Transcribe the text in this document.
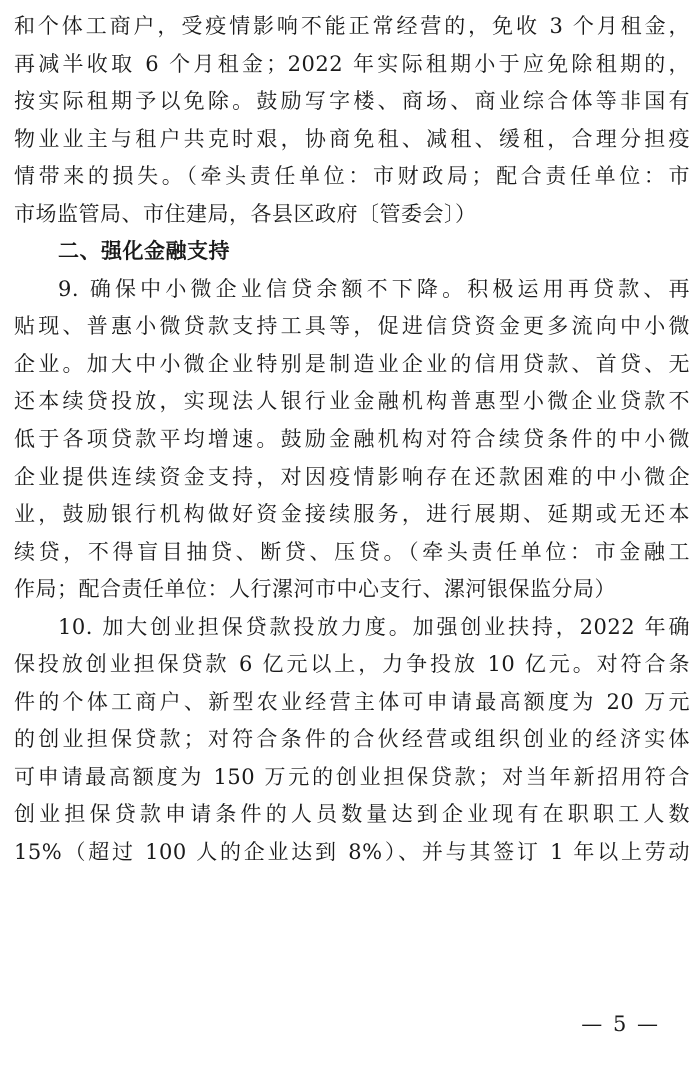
和个体工商户，受疫情影响不能正常经营的，免收 3 个月租金，
再减半收取 6 个月租金；2022 年实际租期小于应免除租期的，
按实际租期予以免除。鼓励写字楼、商场、商业综合体等非国有
物业业主与租户共克时艰，协商免租、减租、缓租，合理分担疫
情带来的损失。（牵头责任单位：市财政局；配合责任单位：市
市场监管局、市住建局，各县区政府〔管委会〕）
二、强化金融支持
9. 确保中小微企业信贷余额不下降。积极运用再贷款、再
贴现、普惠小微贷款支持工具等，促进信贷资金更多流向中小微
企业。加大中小微企业特别是制造业企业的信用贷款、首贷、无
还本续贷投放，实现法人银行业金融机构普惠型小微企业贷款不
低于各项贷款平均增速。鼓励金融机构对符合续贷条件的中小微
企业提供连续资金支持，对因疫情影响存在还款困难的中小微企
业，鼓励银行机构做好资金接续服务，进行展期、延期或无还本
续贷，不得盲目抽贷、断贷、压贷。（牵头责任单位：市金融工
作局；配合责任单位：人行漯河市中心支行、漯河银保监分局）
10. 加大创业担保贷款投放力度。加强创业扶持，2022 年确
保投放创业担保贷款 6 亿元以上，力争投放 10 亿元。对符合条
件的个体工商户、新型农业经营主体可申请最高额度为 20 万元
的创业担保贷款；对符合条件的合伙经营或组织创业的经济实体
可申请最高额度为 150 万元的创业担保贷款；对当年新招用符合
创业担保贷款申请条件的人员数量达到企业现有在职职工人数
15%（超过 100 人的企业达到 8%）、并与其签订 1 年以上劳动
— 5 —
